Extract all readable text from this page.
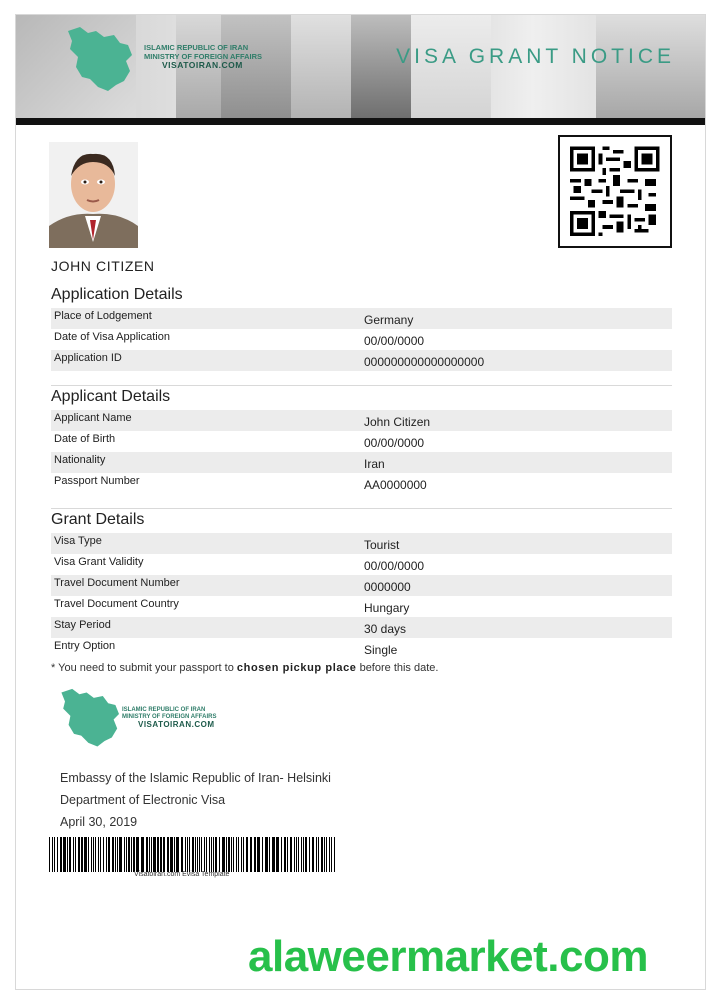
ISLAMIC REPUBLIC OF IRAN
MINISTRY OF FOREIGN AFFAIRS
VISATOIRAN.COM	VISA GRANT NOTICE
JOHN CITIZEN
Application Details
Place of Lodgement	Germany
Date of Visa Application	00/00/0000
Application ID	000000000000000000
Applicant Details
Applicant Name	John Citizen
Date of Birth	00/00/0000
Nationality	Iran
Passport Number	AA0000000
Grant Details
Visa Type	Tourist
Visa Grant Validity	00/00/0000
Travel Document Number	0000000
Travel Document Country	Hungary
Stay Period	30 days
Entry Option	Single
* You need to submit your passport to chosen pickup place before this date.
ISLAMIC REPUBLIC OF IRAN
MINISTRY OF FOREIGN AFFAIRS
VISATOIRAN.COM
Embassy of the Islamic Republic of Iran- Helsinki
Department of Electronic Visa
April 30, 2019
Visatoiran.com Evisa Template
alaweermarket.com
